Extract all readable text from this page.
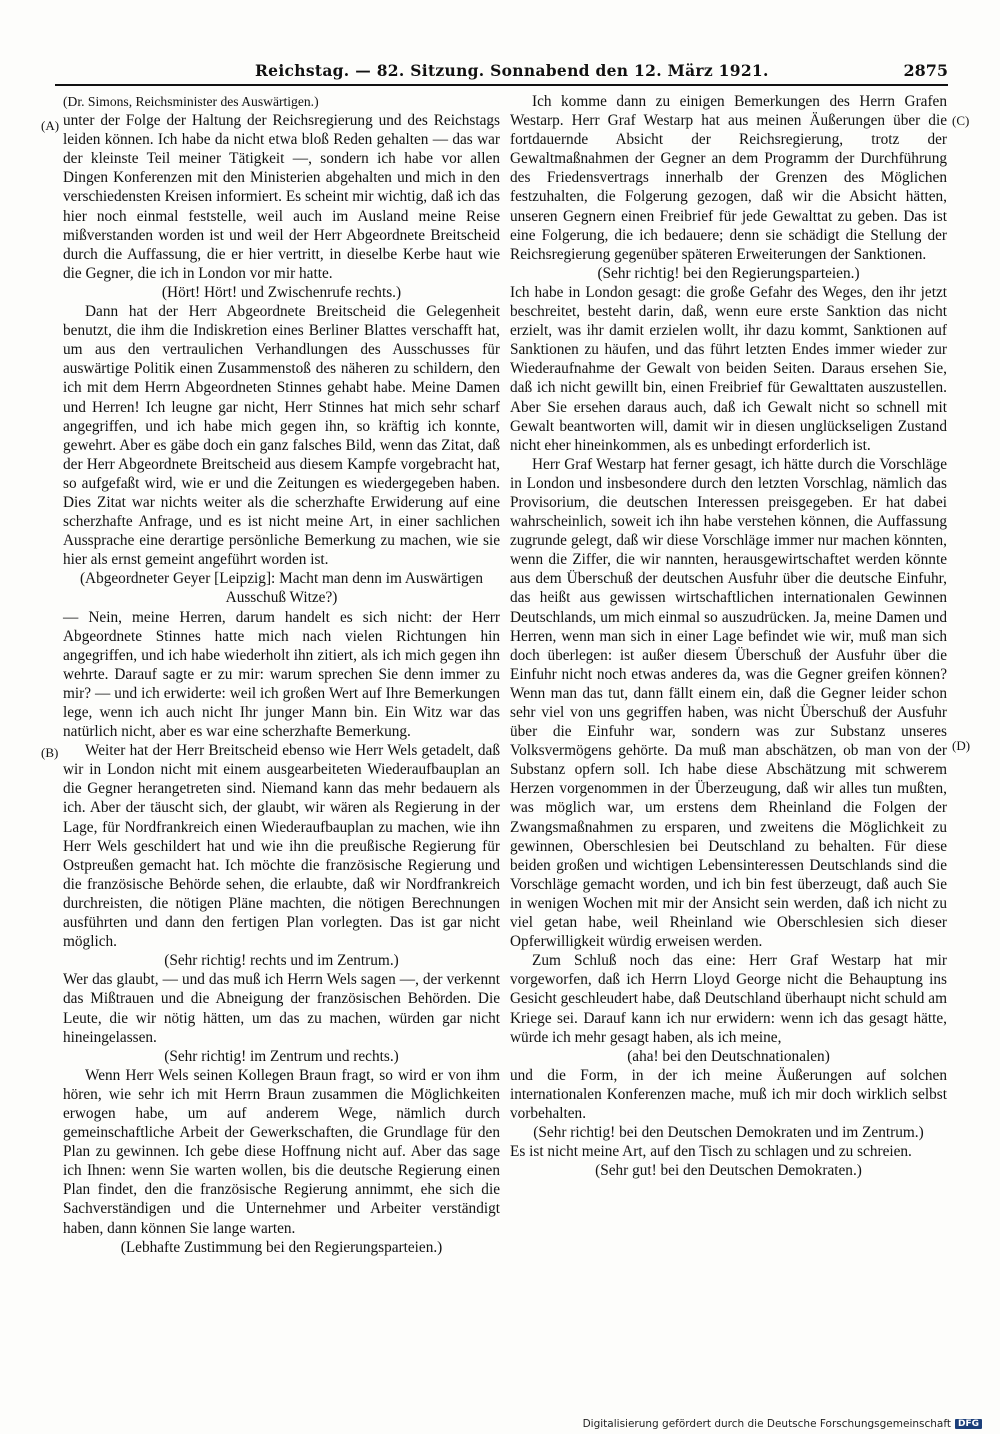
Reichstag. — 82. Sitzung. Sonnabend den 12. März 1921.	2875
(A)
(B)
(C)
(D)

(Dr. Simons, Reichsminister des Auswärtigen.)

unter der Folge der Haltung der Reichsregierung und des Reichstags leiden können. Ich habe da nicht etwa bloß Reden gehalten — das war der kleinste Teil meiner Tätigkeit —, sondern ich habe vor allen Dingen Konferenzen mit den Ministerien abgehalten und mich in den verschiedensten Kreisen informiert. Es scheint mir wichtig, daß ich das hier noch einmal feststelle, weil auch im Ausland meine Reise mißverstanden worden ist und weil der Herr Abgeordnete Breitscheid durch die Auffassung, die er hier vertritt, in dieselbe Kerbe haut wie die Gegner, die ich in London vor mir hatte.

(Hört! Hört! und Zwischenrufe rechts.)

Dann hat der Herr Abgeordnete Breitscheid die Gelegenheit benutzt, die ihm die Indiskretion eines Berliner Blattes verschafft hat, um aus den vertraulichen Verhandlungen des Ausschusses für auswärtige Politik einen Zusammenstoß des näheren zu schildern, den ich mit dem Herrn Abgeordneten Stinnes gehabt habe. Meine Damen und Herren! Ich leugne gar nicht, Herr Stinnes hat mich sehr scharf angegriffen, und ich habe mich gegen ihn, so kräftig ich konnte, gewehrt. Aber es gäbe doch ein ganz falsches Bild, wenn das Zitat, daß der Herr Abgeordnete Breitscheid aus diesem Kampfe vorgebracht hat, so aufgefaßt wird, wie er und die Zeitungen es wiedergegeben haben. Dies Zitat war nichts weiter als die scherzhafte Erwiderung auf eine scherzhafte Anfrage, und es ist nicht meine Art, in einer sachlichen Aussprache eine derartige persönliche Bemerkung zu machen, wie sie hier als ernst gemeint angeführt worden ist.

(Abgeordneter Geyer [Leipzig]: Macht man denn im Auswärtigen Ausschuß Witze?)

— Nein, meine Herren, darum handelt es sich nicht: der Herr Abgeordnete Stinnes hatte mich nach vielen Richtungen hin angegriffen, und ich habe wiederholt ihn zitiert, als ich mich gegen ihn wehrte. Darauf sagte er zu mir: warum sprechen Sie denn immer zu mir? — und ich erwiderte: weil ich großen Wert auf Ihre Bemerkungen lege, wenn ich auch nicht Ihr junger Mann bin. Ein Witz war das natürlich nicht, aber es war eine scherzhafte Bemerkung.

Weiter hat der Herr Breitscheid ebenso wie Herr Wels getadelt, daß wir in London nicht mit einem ausgearbeiteten Wiederaufbauplan an die Gegner herangetreten sind. Niemand kann das mehr bedauern als ich. Aber der täuscht sich, der glaubt, wir wären als Regierung in der Lage, für Nordfrankreich einen Wiederaufbauplan zu machen, wie ihn Herr Wels geschildert hat und wie ihn die preußische Regierung für Ostpreußen gemacht hat. Ich möchte die französische Regierung und die französische Behörde sehen, die erlaubte, daß wir Nordfrankreich durchreisten, die nötigen Pläne machten, die nötigen Berechnungen ausführten und dann den fertigen Plan vorlegten. Das ist gar nicht möglich.

(Sehr richtig! rechts und im Zentrum.)

Wer das glaubt, — und das muß ich Herrn Wels sagen —, der verkennt das Mißtrauen und die Abneigung der französischen Behörden. Die Leute, die wir nötig hätten, um das zu machen, würden gar nicht hineingelassen.

(Sehr richtig! im Zentrum und rechts.)

Wenn Herr Wels seinen Kollegen Braun fragt, so wird er von ihm hören, wie sehr ich mit Herrn Braun zusammen die Möglichkeiten erwogen habe, um auf anderem Wege, nämlich durch gemeinschaftliche Arbeit der Gewerkschaften, die Grundlage für den Plan zu gewinnen. Ich gebe diese Hoffnung nicht auf. Aber das sage ich Ihnen: wenn Sie warten wollen, bis die deutsche Regierung einen Plan findet, den die französische Regierung annimmt, ehe sich die Sachverständigen und die Unternehmer und Arbeiter verständigt haben, dann können Sie lange warten.

(Lebhafte Zustimmung bei den Regierungsparteien.)

Ich komme dann zu einigen Bemerkungen des Herrn Grafen Westarp. Herr Graf Westarp hat aus meinen Äußerungen über die fortdauernde Absicht der Reichsregierung, trotz der Gewaltmaßnahmen der Gegner an dem Programm der Durchführung des Friedensvertrags innerhalb der Grenzen des Möglichen festzuhalten, die Folgerung gezogen, daß wir die Absicht hätten, unseren Gegnern einen Freibrief für jede Gewalttat zu geben. Das ist eine Folgerung, die ich bedauere; denn sie schädigt die Stellung der Reichsregierung gegenüber späteren Erweiterungen der Sanktionen.

(Sehr richtig! bei den Regierungsparteien.)

Ich habe in London gesagt: die große Gefahr des Weges, den ihr jetzt beschreitet, besteht darin, daß, wenn eure erste Sanktion das nicht erzielt, was ihr damit erzielen wollt, ihr dazu kommt, Sanktionen auf Sanktionen zu häufen, und das führt letzten Endes immer wieder zur Wiederaufnahme der Gewalt von beiden Seiten. Daraus ersehen Sie, daß ich nicht gewillt bin, einen Freibrief für Gewalttaten auszustellen. Aber Sie ersehen daraus auch, daß ich Gewalt nicht so schnell mit Gewalt beantworten will, damit wir in diesen unglückseligen Zustand nicht eher hineinkommen, als es unbedingt erforderlich ist.

Herr Graf Westarp hat ferner gesagt, ich hätte durch die Vorschläge in London und insbesondere durch den letzten Vorschlag, nämlich das Provisorium, die deutschen Interessen preisgegeben. Er hat dabei wahrscheinlich, soweit ich ihn habe verstehen können, die Auffassung zugrunde gelegt, daß wir diese Vorschläge immer nur machen könnten, wenn die Ziffer, die wir nannten, herausgewirtschaftet werden könnte aus dem Überschuß der deutschen Ausfuhr über die deutsche Einfuhr, das heißt aus gewissen wirtschaftlichen internationalen Gewinnen Deutschlands, um mich einmal so auszudrücken. Ja, meine Damen und Herren, wenn man sich in einer Lage befindet wie wir, muß man sich doch überlegen: ist außer diesem Überschuß der Ausfuhr über die Einfuhr nicht noch etwas anderes da, was die Gegner greifen können? Wenn man das tut, dann fällt einem ein, daß die Gegner leider schon sehr viel von uns gegriffen haben, was nicht Überschuß der Ausfuhr über die Einfuhr war, sondern was zur Substanz unseres Volksvermögens gehörte. Da muß man abschätzen, ob man von der Substanz opfern soll. Ich habe diese Abschätzung mit schwerem Herzen vorgenommen in der Überzeugung, daß wir alles tun mußten, was möglich war, um erstens dem Rheinland die Folgen der Zwangsmaßnahmen zu ersparen, und zweitens die Möglichkeit zu gewinnen, Oberschlesien bei Deutschland zu behalten. Für diese beiden großen und wichtigen Lebensinteressen Deutschlands sind die Vorschläge gemacht worden, und ich bin fest überzeugt, daß auch Sie in wenigen Wochen mit mir der Ansicht sein werden, daß ich nicht zu viel getan habe, weil Rheinland wie Oberschlesien sich dieser Opferwilligkeit würdig erweisen werden.

Zum Schluß noch das eine: Herr Graf Westarp hat mir vorgeworfen, daß ich Herrn Lloyd George nicht die Behauptung ins Gesicht geschleudert habe, daß Deutschland überhaupt nicht schuld am Kriege sei. Darauf kann ich nur erwidern: wenn ich das gesagt hätte, würde ich mehr gesagt haben, als ich meine,

(aha! bei den Deutschnationalen)

und die Form, in der ich meine Äußerungen auf solchen internationalen Konferenzen mache, muß ich mir doch wirklich selbst vorbehalten.

(Sehr richtig! bei den Deutschen Demokraten und im Zentrum.)

Es ist nicht meine Art, auf den Tisch zu schlagen und zu schreien.

(Sehr gut! bei den Deutschen Demokraten.)

Digitalisierung gefördert durch die Deutsche Forschungsgemeinschaft DFG
